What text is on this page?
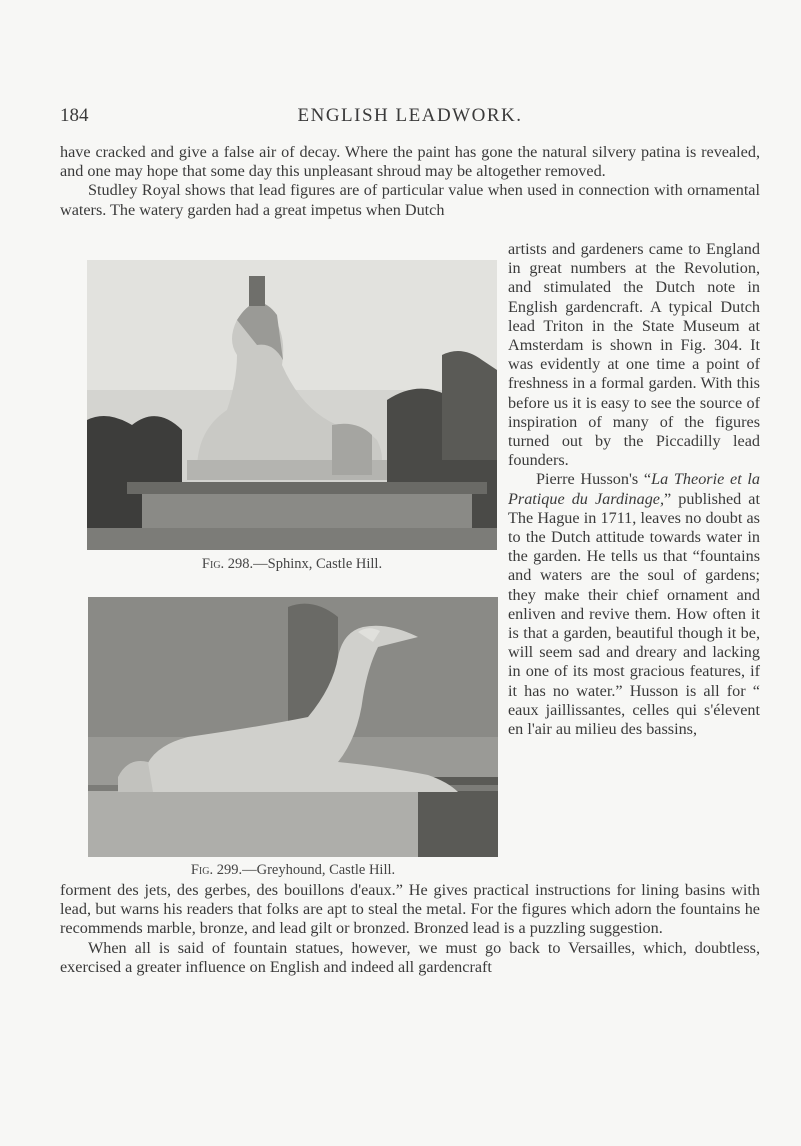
184	ENGLISH LEADWORK.

have cracked and give a false air of decay. Where the paint has gone the natural silvery patina is revealed, and one may hope that some day this unpleasant shroud may be altogether removed.

Studley Royal shows that lead figures are of particular value when used in connection with ornamental waters. The watery garden had a great impetus when Dutch

Fig. 298.—Sphinx, Castle Hill.
Fig. 299.—Greyhound, Castle Hill.

artists and gardeners came to England in great numbers at the Revolution, and stimulated the Dutch note in English gardencraft. A typical Dutch lead Triton in the State Museum at Amsterdam is shown in Fig. 304. It was evidently at one time a point of freshness in a formal garden. With this before us it is easy to see the source of inspiration of many of the figures turned out by the Piccadilly lead founders.

Pierre Husson's “La Theorie et la Pratique du Jardinage,” published at The Hague in 1711, leaves no doubt as to the Dutch attitude towards water in the garden. He tells us that “fountains and waters are the soul of gardens; they make their chief ornament and enliven and revive them. How often it is that a garden, beautiful though it be, will seem sad and dreary and lacking in one of its most gracious features, if it has no water.” Husson is all for “ eaux jaillissantes, celles qui s'élevent en l'air au milieu des bassins,

forment des jets, des gerbes, des bouillons d'eaux.” He gives practical instructions for lining basins with lead, but warns his readers that folks are apt to steal the metal. For the figures which adorn the fountains he recommends marble, bronze, and lead gilt or bronzed. Bronzed lead is a puzzling suggestion.

When all is said of fountain statues, however, we must go back to Versailles, which, doubtless, exercised a greater influence on English and indeed all gardencraft
